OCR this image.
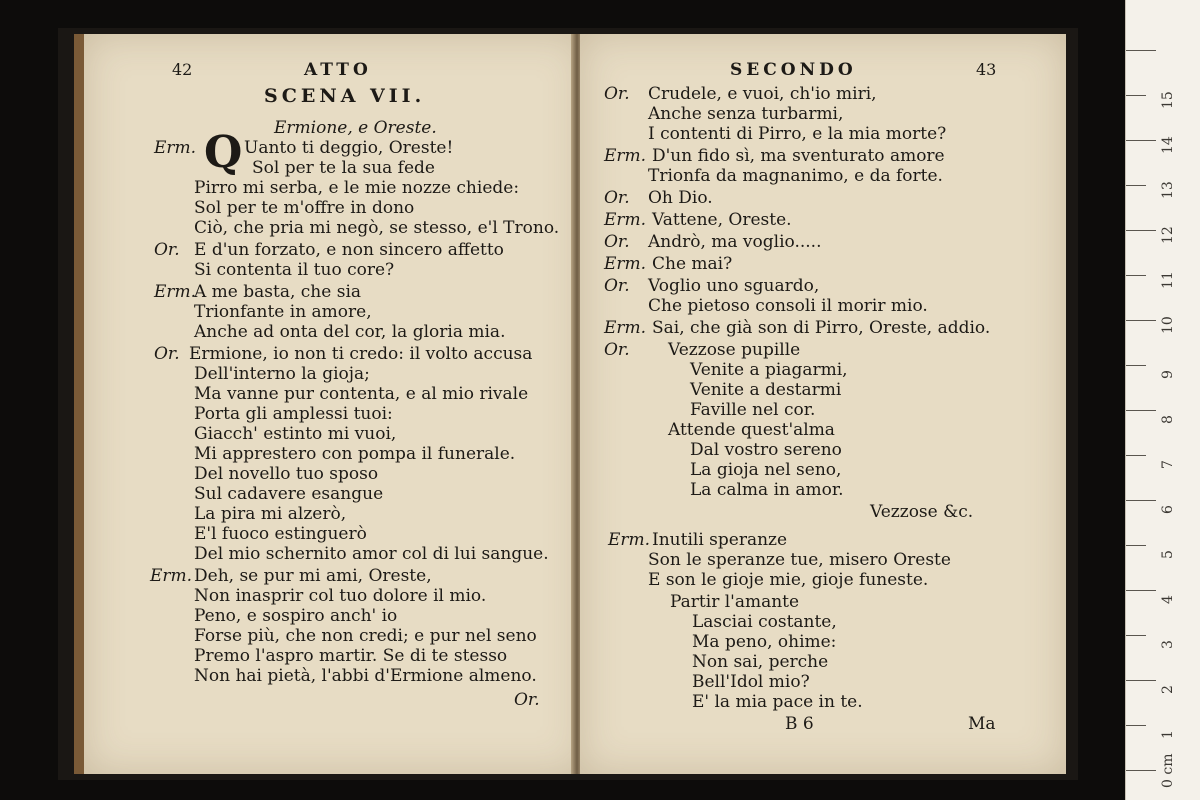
42	ATTO
SCENA VII.
Ermione, e Oreste.
Erm. Q Uanto ti deggio, Oreste!
Sol per te la sua fede
Pirro mi serba, e le mie nozze chiede:
Sol per te m'offre in dono
Ciò, che pria mi negò, se stesso, e'l Trono.
Or. E d'un forzato, e non sincero affetto
Si contenta il tuo core?
Erm.
A me basta, che sia
Trionfante in amore,
Anche ad onta del cor, la gloria mia.
Or. Ermione, io non ti credo: il volto accusa
Dell'interno la gioja;
Ma vanne pur contenta, e al mio rivale
Porta gli amplessi tuoi:
Giacch' estinto mi vuoi,
Mi apprestero con pompa il funerale.
Del novello tuo sposo
Sul cadavere esangue
La pira mi alzerò,
E'l fuoco estinguerò
Del mio schernito amor col di lui sangue.
Erm. Deh, se pur mi ami, Oreste,
Non inasprir col tuo dolore il mio.
Peno, e sospiro anch' io
Forse più, che non credi; e pur nel seno
Premo l'aspro martir. Se di te stesso
Non hai pietà, l'abbi d'Ermione almeno.
Or.
SECONDO	43
Or. Crudele, e vuoi, ch'io miri,
Anche senza turbarmi,
I contenti di Pirro, e la mia morte?
Erm. D'un fido sì, ma sventurato amore
Trionfa da magnanimo, e da forte.
Or. Oh Dio.
Erm. Vattene, Oreste.
Or. Andrò, ma voglio.....
Erm. Che mai?
Or. Voglio uno sguardo,
Che pietoso consoli il morir mio.
Erm. Sai, che già son di Pirro, Oreste, addio.
Or. Vezzose pupille
Venite a piagarmi,
Venite a destarmi
Faville nel cor.
Attende quest'alma
Dal vostro sereno
La gioja nel seno,
La calma in amor.
Vezzose &c.
Erm. Inutili speranze
Son le speranze tue, misero Oreste
E son le gioje mie, gioje funeste.
Partir l'amante
Lasciai costante,
Ma peno, ohime:
Non sai, perche
Bell'Idol mio?
E' la mia pace in te.
B 6	Ma
0 cm
1
2
3
4
5
6
7
8
9
10
11
12
13
14
15
